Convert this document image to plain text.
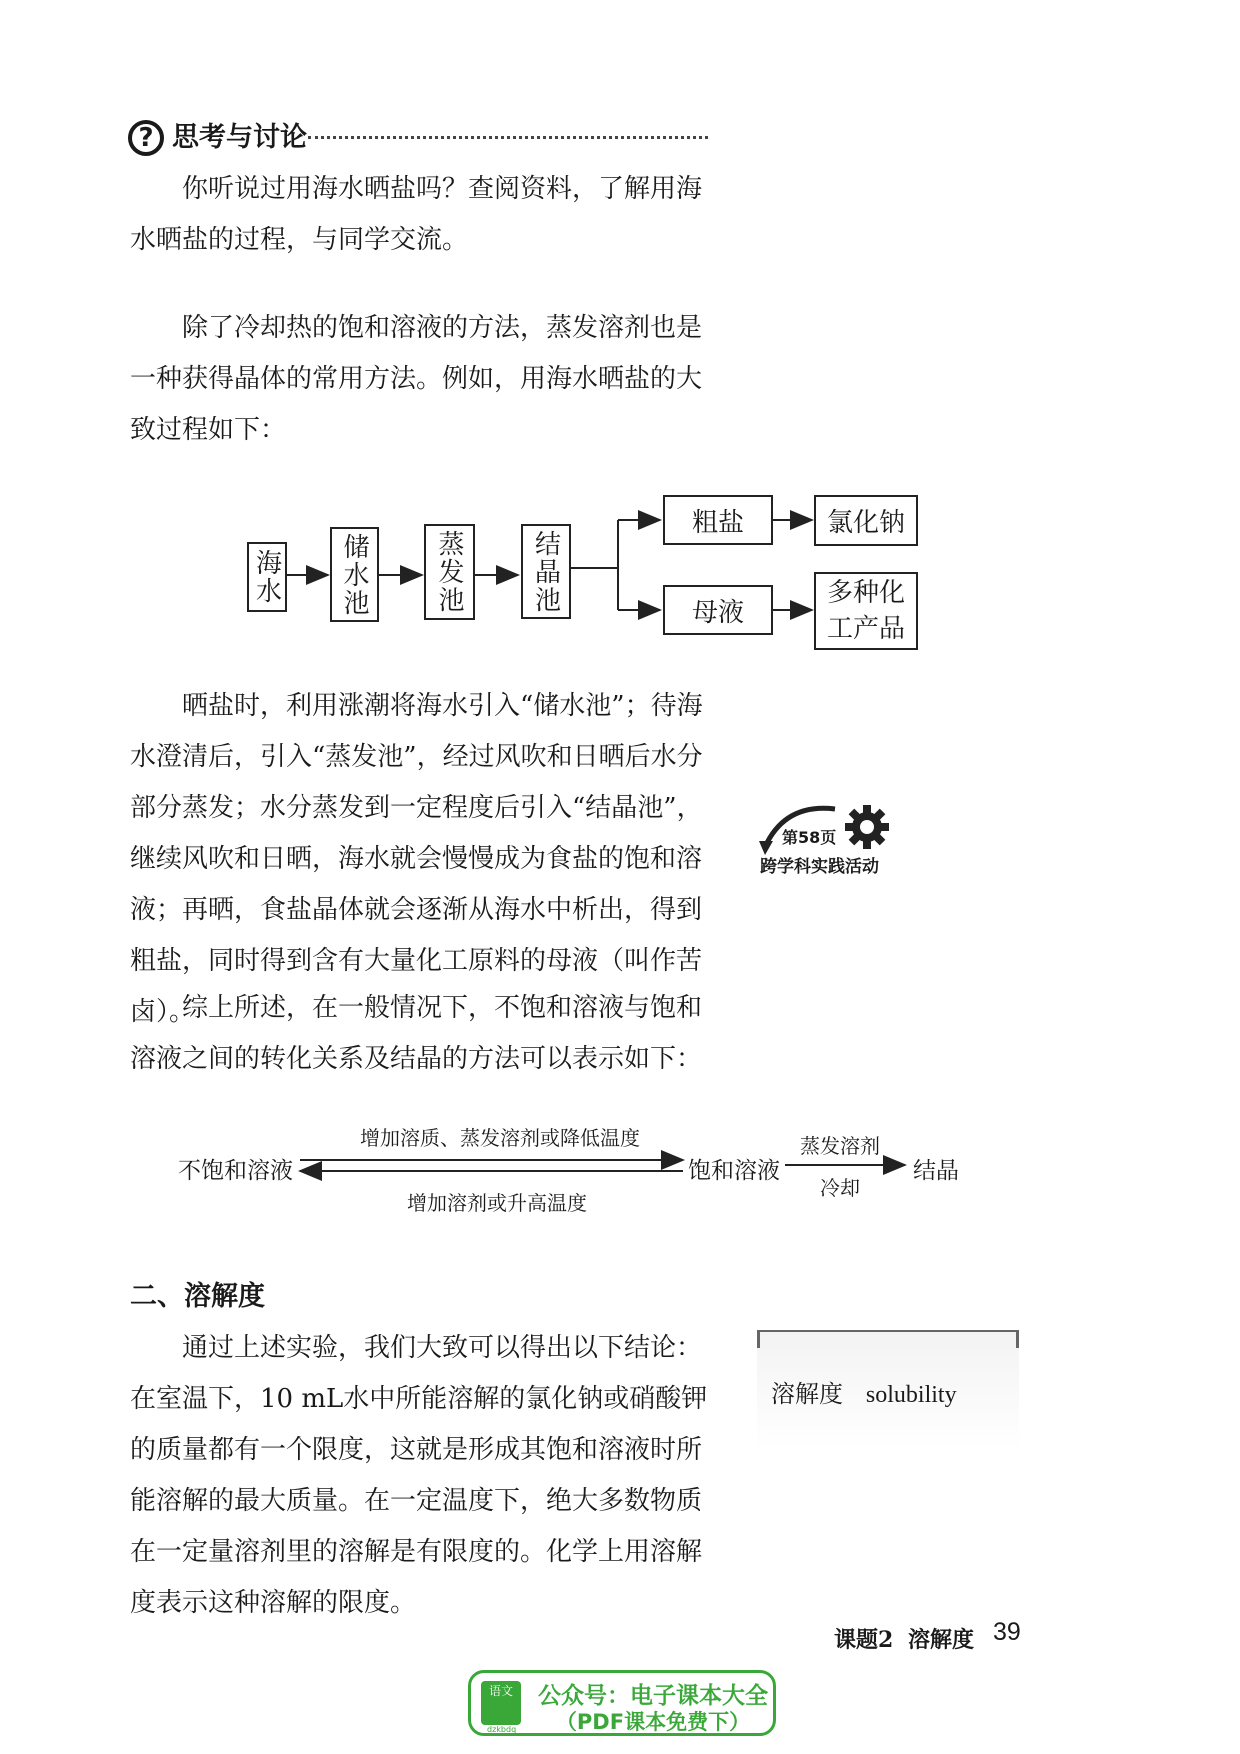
? 思考与讨论

你听说过用海水晒盐吗？查阅资料，了解用海水晒盐的过程，与同学交流。

除了冷却热的饱和溶液的方法，蒸发溶剂也是一种获得晶体的常用方法。例如，用海水晒盐的大致过程如下：

海水 储水池	蒸发池	结晶池
粗盐	氯化钠
母液
多种化
工产品

晒盐时，利用涨潮将海水引入“储水池”；待海水澄清后，引入“蒸发池”，经过风吹和日晒后水分部分蒸发；水分蒸发到一定程度后引入“结晶池”，继续风吹和日晒，海水就会慢慢成为食盐的饱和溶液；再晒，食盐晶体就会逐渐从海水中析出，得到粗盐，同时得到含有大量化工原料的母液（叫作苦卤）。

第58页
跨学科实践活动

综上所述，在一般情况下，不饱和溶液与饱和溶液之间的转化关系及结晶的方法可以表示如下：

不饱和溶液
增加溶质、蒸发溶剂或降低温度
增加溶剂或升高温度
饱和溶液
蒸发溶剂
冷却
结晶
二、溶解度

通过上述实验，我们大致可以得出以下结论：在室温下，10 mL水中所能溶解的氯化钠或硝酸钾的质量都有一个限度，这就是形成其饱和溶液时所能溶解的最大质量。在一定温度下，绝大多数物质在一定量溶剂里的溶解是有限度的。化学上用溶解度表示这种溶解的限度。

溶解度 solubility
课题2 溶解度 39
语文
dzkbdq
公众号：电子课本大全
（PDF课本免费下）
